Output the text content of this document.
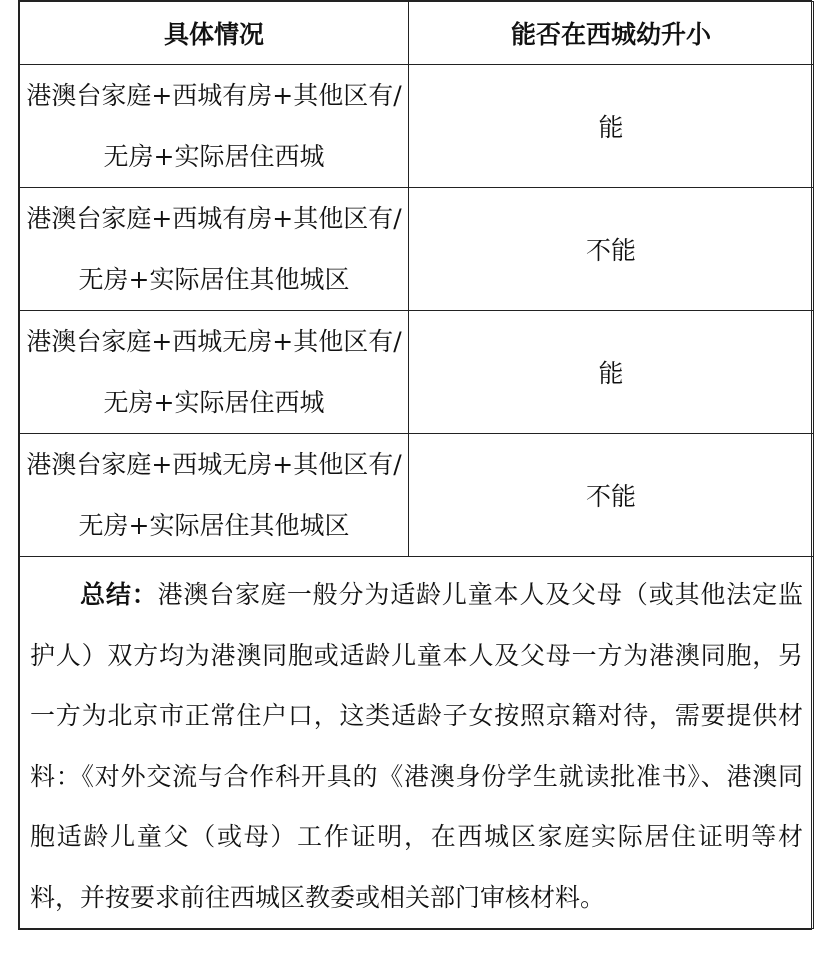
具体情况	能否在西城幼升小
港澳台家庭+西城有房+其他区有/无房+实际居住西城	能
港澳台家庭+西城有房+其他区有/无房+实际居住其他城区	不能
港澳台家庭+西城无房+其他区有/无房+实际居住西城	能
港澳台家庭+西城无房+其他区有/无房+实际居住其他城区	不能

总结：港澳台家庭一般分为适龄儿童本人及父母（或其他法定监护人）双方均为港澳同胞或适龄儿童本人及父母一方为港澳同胞，另一方为北京市正常住户口，这类适龄子女按照京籍对待，需要提供材料：《对外交流与合作科开具的《港澳身份学生就读批准书》、港澳同胞适龄儿童父（或母）工作证明，在西城区家庭实际居住证明等材料，并按要求前往西城区教委或相关部门审核材料。	
